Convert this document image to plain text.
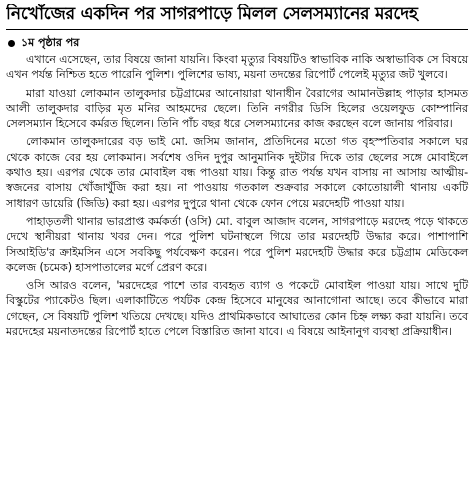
নিখোঁজের একদিন পর সাগরপাড়ে মিলল সেলসম্যানের মরদেহ
১ম পৃষ্ঠার পর

এখানে এসেছেন, তার বিষয়ে জানা যায়নি। কিংবা মৃত্যুর বিষয়টিও স্বাভাবিক নাকি অস্বাভাবিক সে বিষয়ে এখন পর্যন্ত নিশ্চিত হতে পারেনি পুলিশ। পুলিশের ভাষ্য, ময়না তদন্তের রিপোর্ট পেলেই মৃত্যুর জট খুলবে।

মারা যাওয়া লোকমান তালুকদার চট্টগ্রামের আনোয়ারা থানাধীন বৈরাগের আমানউল্লাহ পাড়ার হাসমত আলী তালুকদার বাড়ির মৃত মনির আহমদের ছেলে। তিনি নগরীর ডিসি হিলের ওয়েলফুড কোম্পানির সেলসম্যান হিসেবে কর্মরত ছিলেন। তিনি পাঁচ বছর ধরে সেলসম্যানের কাজ করছেন বলে জানায় পরিবার।

লোকমান তালুকদারের বড় ভাই মো. জসিম জানান, প্রতিদিনের মতো গত বৃহস্পতিবার সকালে ঘর থেকে কাজে বের হয় লোকমান। সর্বশেষ ওদিন দুপুর আনুমানিক দুইটার দিকে তার ছেলের সঙ্গে মোবাইলে কথাও হয়। এরপর থেকে তার মোবাইল বন্ধ পাওয়া যায়। কিন্তু রাত পর্যন্ত যখন বাসায় না আসায় আত্মীয়-স্বজনের বাসায় খোঁজাখুঁজি করা হয়। না পাওয়ায় গতকাল শুক্রবার সকালে কোতোয়ালী থানায় একটি সাধারণ ডায়েরি (জিডি) করা হয়। এরপর দুপুরে থানা থেকে ফোন পেয়ে মরদেহটি পাওয়া যায়।

পাহাড়তলী থানার ভারপ্রাপ্ত কর্মকর্তা (ওসি) মো. বাবুল আজাদ বলেন, সাগরপাড়ে মরদেহ পড়ে থাকতে দেখে স্থানীয়রা থানায় খবর দেন। পরে পুলিশ ঘটনাস্থলে গিয়ে তার মরদেহটি উদ্ধার করে। পাশাপাশি সিআইডি'র ক্রাইমসিন এসে সবকিছু পর্যবেক্ষণ করেন। পরে পুলিশ মরদেহটি উদ্ধার করে চট্টগ্রাম মেডিকেল কলেজ (চমেক) হাসপাতালের মর্গে প্রেরণ করে।

ওসি আরও বলেন, 'মরদেহের পাশে তার ব্যবহৃত ব্যাগ ও পকেটে মোবাইল পাওয়া যায়। সাথে দুটি বিস্কুটের প্যাকেটও ছিল। এলাকাটিতে পর্যটক কেন্দ্র হিসেবে মানুষের আনাগোনা আছে। তবে কীভাবে মারা গেছেন, সে বিষয়টি পুলিশ খতিয়ে দেখছে। যদিও প্রাথমিকভাবে আঘাতের কোন চিহ্ন লক্ষ্য করা যায়নি। তবে মরদেহের ময়নাতদন্তের রিপোর্ট হাতে পেলে বিস্তারিত জানা যাবে। এ বিষয়ে আইনানুগ ব্যবস্থা প্রক্রিয়াধীন।
